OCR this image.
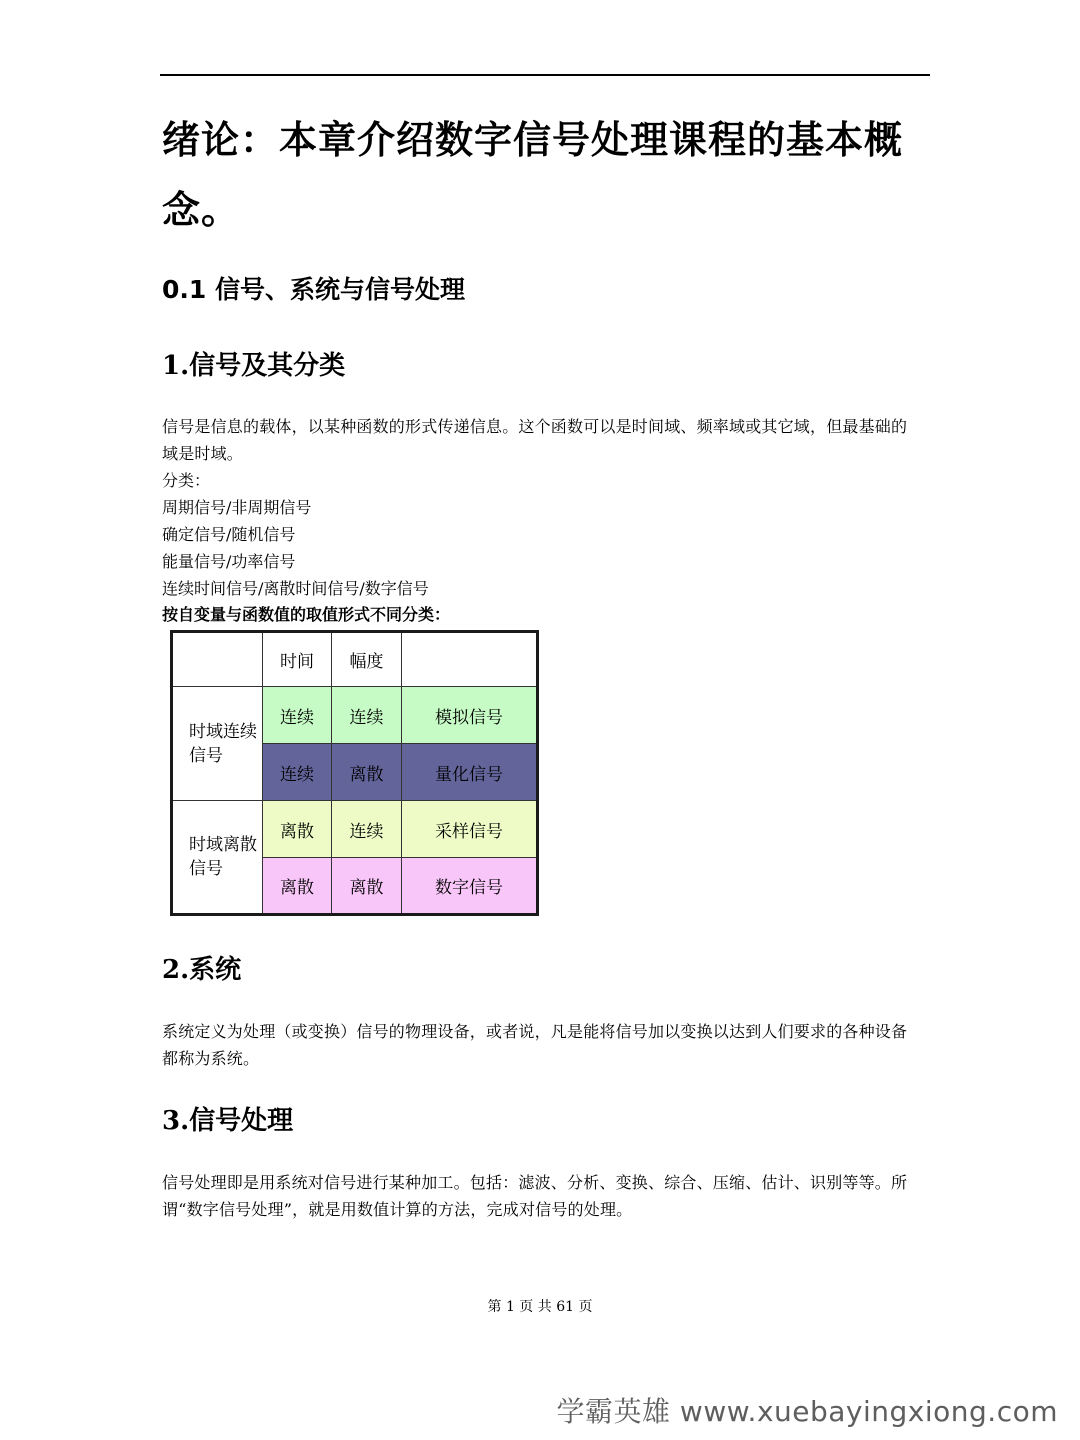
绪论：本章介绍数字信号处理课程的基本概念。
0.1 信号、系统与信号处理
1.信号及其分类

信号是信息的载体，以某种函数的形式传递信息。这个函数可以是时间域、频率域或其它域，但最基础的域是时域。

分类：
周期信号/非周期信号
确定信号/随机信号
能量信号/功率信号
连续时间信号/离散时间信号/数字信号

按自变量与函数值的取值形式不同分类：

	时间	幅度	
时域连续信号	连续	连续	模拟信号
	连续	离散	量化信号
时域离散信号	离散	连续	采样信号
	离散	离散	数字信号
2.系统

系统定义为处理（或变换）信号的物理设备，或者说，凡是能将信号加以变换以达到人们要求的各种设备都称为系统。

3.信号处理

信号处理即是用系统对信号进行某种加工。包括：滤波、分析、变换、综合、压缩、估计、识别等等。所谓“数字信号处理”，就是用数值计算的方法，完成对信号的处理。

第 1 页 共 61 页
学霸英雄 www.xuebayingxiong.com
